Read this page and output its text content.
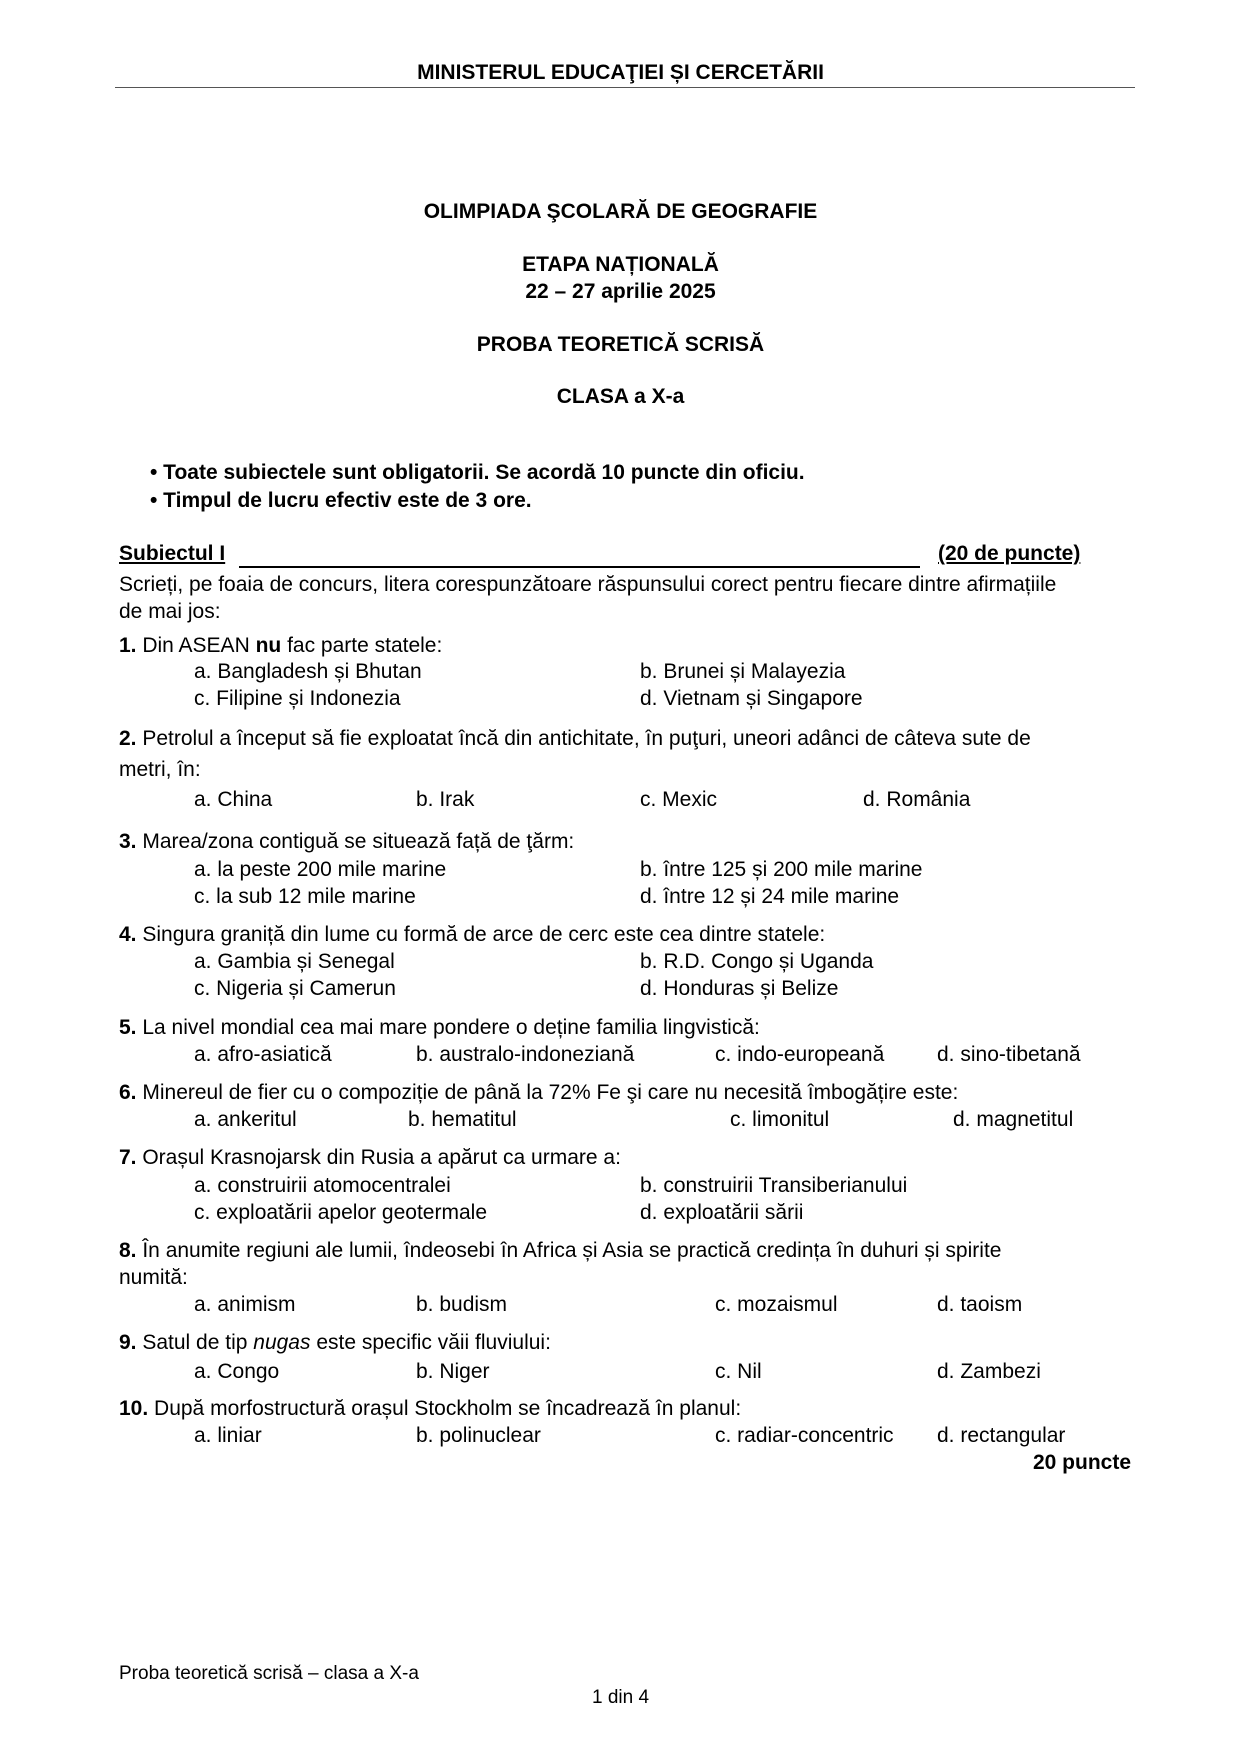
MINISTERUL EDUCAŢIEI ȘI CERCETĂRII
OLIMPIADA ŞCOLARĂ DE GEOGRAFIE
ETAPA NAȚIONALĂ
22 – 27 aprilie 2025
PROBA TEORETICĂ SCRISĂ
CLASA a X-a
• Toate subiectele sunt obligatorii. Se acordă 10 puncte din oficiu.
• Timpul de lucru efectiv este de 3 ore.
Subiectul I	(20 de puncte)
Scrieți, pe foaia de concurs, litera corespunzătoare răspunsului corect pentru fiecare dintre afirmațiile
de mai jos:
1. Din ASEAN nu fac parte statele:
a. Bangladesh și Bhutan	b. Brunei și Malayezia
c. Filipine și Indonezia	d. Vietnam și Singapore
2. Petrolul a început să fie exploatat încă din antichitate, în puţuri, uneori adânci de câteva sute de
metri, în:
a. China	b. Irak	c. Mexic	d. România
3. Marea/zona contiguă se situează față de ţărm:
a. la peste 200 mile marine	b. între 125 și 200 mile marine
c. la sub 12 mile marine	d. între 12 și 24 mile marine
4. Singura graniță din lume cu formă de arce de cerc este cea dintre statele:
a. Gambia și Senegal	b. R.D. Congo și Uganda
c. Nigeria și Camerun	d. Honduras și Belize
5. La nivel mondial cea mai mare pondere o deține familia lingvistică:
a. afro-asiatică	b. australo-indoneziană	c. indo-europeană	d. sino-tibetană
6. Minereul de fier cu o compoziție de până la 72% Fe şi care nu necesită îmbogățire este:
a. ankeritul	b. hematitul	c. limonitul	d. magnetitul
7. Orașul Krasnojarsk din Rusia a apărut ca urmare a:
a. construirii atomocentralei	b. construirii Transiberianului
c. exploatării apelor geotermale	d. exploatării sării
8. În anumite regiuni ale lumii, îndeosebi în Africa și Asia se practică credința în duhuri și spirite
numită:
a. animism	b. budism	c. mozaismul	d. taoism
9. Satul de tip nugas este specific văii fluviului:
a. Congo	b. Niger	c. Nil	d. Zambezi
10. După morfostructură orașul Stockholm se încadrează în planul:
a. liniar	b. polinuclear	c. radiar-concentric d. rectangular
20 puncte
Proba teoretică scrisă – clasa a X-a
1 din 4
